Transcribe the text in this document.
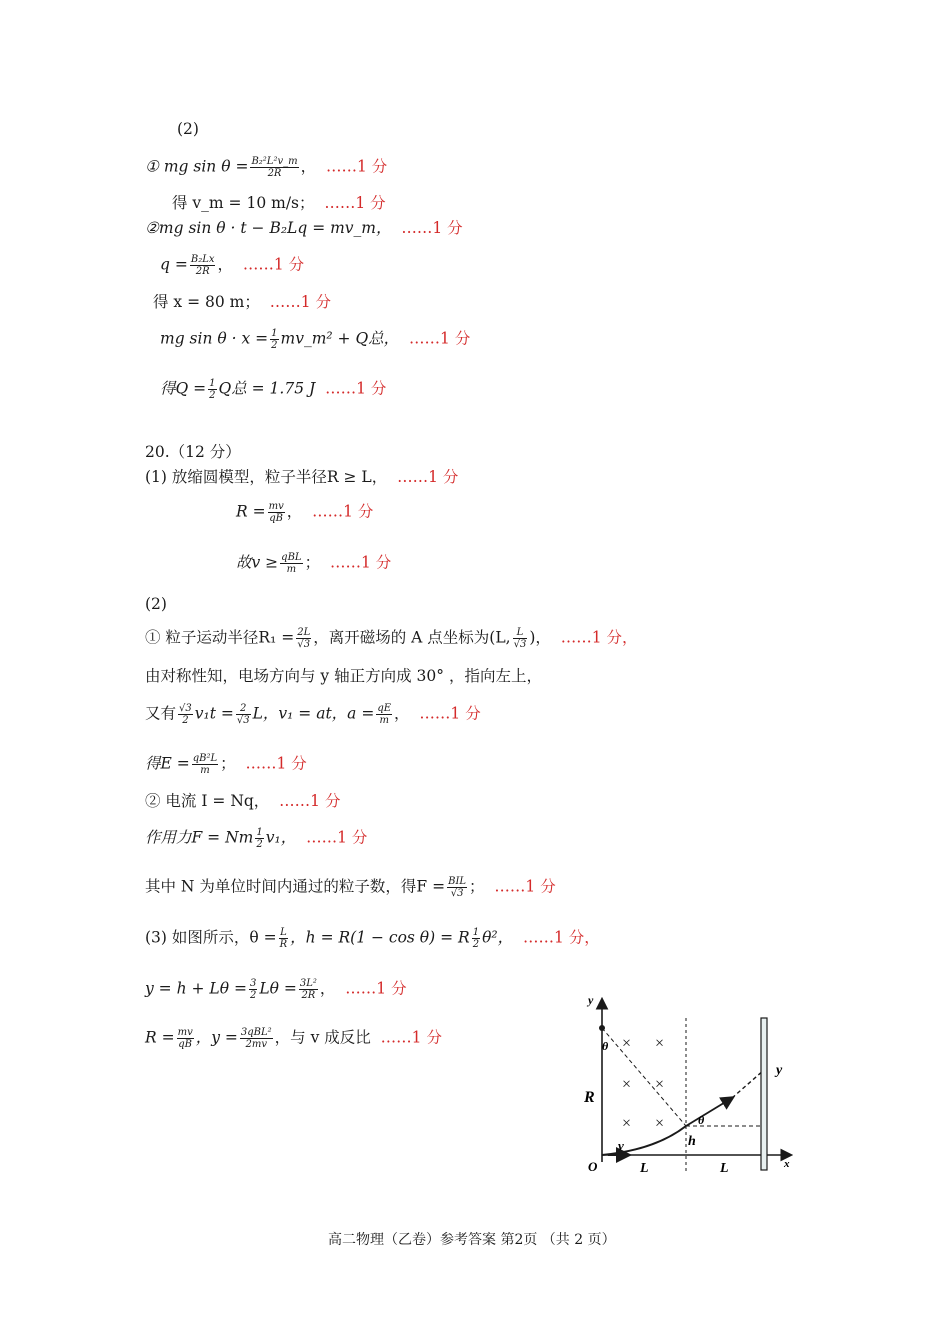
(2)
① mg $\sin \theta = \frac{\text{B₂²L²v\_m}}{2R}$ ， ……1 分
得 v_m = 10 m/s； ……1 分
②mg sin θ · t − B₂Lq = mv_m， ……1 分
$q = \frac{\text{B₂Lx}}{2R}$ ， ……1 分
得 x = 80 m； ……1 分
mg $\sin \theta \cdot x = \frac{1}{2}$ mv_m² + Q总， ……1 分
得$Q = \frac{1}{2}$ Q总 = 1.75 J ……1 分
20.（12 分）
(1) 放缩圆模型，粒子半径R ≥ L， ……1 分
$R = \frac{mv}{qB}$ ， ……1 分
故$v \ge \frac{\text{qBL}}{m}$ ； ……1 分
(2)
① 粒子运动半径$R_1 = \frac{2L}{√3}$ ，离开磁场的 A 点坐标为(L, $\frac{L}{√3}$ )， ……1 分，
由对称性知，电场方向与 y 轴正方向成 30° ，指向左上，
又有 $\frac{√3}{2} v_1t = \frac{2}{√3}$ L，v₁ = at，$a = \frac{qE}{m}$ ， ……1 分
得$E = \frac{\text{qB²L}}{m}$ ； ……1 分
② 电流 I = Nq， ……1 分
作用力F = Nm $\frac{1}{2} v_1$， ……1 分
其中 N 为单位时间内通过的粒子数，得$F = \frac{\text{BIL}}{√3}$ ； ……1 分
(3) 如图所示，$\theta = \frac{L}{R}$ ，h = R(1 − cos θ) = R $\frac{1}{2} \theta^2$， ……1 分，
$y = h + L\theta = \frac{3}{2}$ $L\theta = \frac{\text{3L²}}{2R}$ ， ……1 分
$R = \frac{mv}{qB}$ ，$y = \frac{\text{3qBL²}}{2mv}$ ，与 v 成反比 ……1 分
y
x
O
× ×
× ×
× ×
θ
θ
R
v	h
L	L
y
高二物理（乙卷）参考答案 第2页 （共 2 页）
